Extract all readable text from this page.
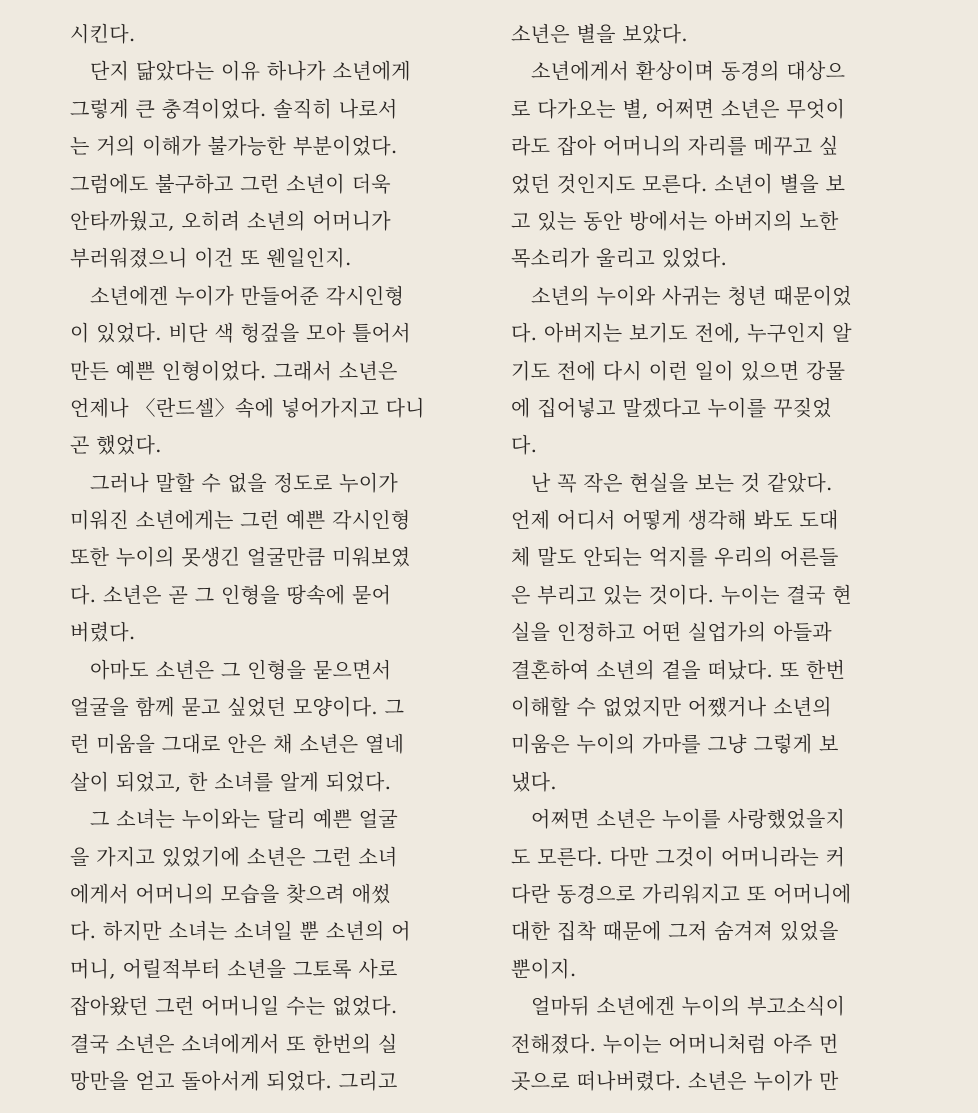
시킨다.
단지 닮았다는 이유 하나가 소년에게
그렇게 큰 충격이었다. 솔직히 나로서
는 거의 이해가 불가능한 부분이었다.
그럼에도 불구하고 그런 소년이 더욱
안타까웠고, 오히려 소년의 어머니가
부러워졌으니 이건 또 웬일인지.
소년에겐 누이가 만들어준 각시인형
이 있었다. 비단 색 헝겊을 모아 틀어서
만든 예쁜 인형이었다. 그래서 소년은
언제나 〈란드셀〉속에 넣어가지고 다니
곤 했었다.
그러나 말할 수 없을 정도로 누이가
미워진 소년에게는 그런 예쁜 각시인형
또한 누이의 못생긴 얼굴만큼 미워보였
다. 소년은 곧 그 인형을 땅속에 묻어
버렸다.
아마도 소년은 그 인형을 묻으면서
얼굴을 함께 묻고 싶었던 모양이다. 그
런 미움을 그대로 안은 채 소년은 열네
살이 되었고, 한 소녀를 알게 되었다.
그 소녀는 누이와는 달리 예쁜 얼굴
을 가지고 있었기에 소년은 그런 소녀
에게서 어머니의 모습을 찾으려 애썼
다. 하지만 소녀는 소녀일 뿐 소년의 어
머니, 어릴적부터 소년을 그토록 사로
잡아왔던 그런 어머니일 수는 없었다.
결국 소년은 소녀에게서 또 한번의 실
망만을 얻고 돌아서게 되었다. 그리고
소년은 별을 보았다.
소년에게서 환상이며 동경의 대상으
로 다가오는 별, 어쩌면 소년은 무엇이
라도 잡아 어머니의 자리를 메꾸고 싶
었던 것인지도 모른다. 소년이 별을 보
고 있는 동안 방에서는 아버지의 노한
목소리가 울리고 있었다.
소년의 누이와 사귀는 청년 때문이었
다. 아버지는 보기도 전에, 누구인지 알
기도 전에 다시 이런 일이 있으면 강물
에 집어넣고 말겠다고 누이를 꾸짖었
다.
난 꼭 작은 현실을 보는 것 같았다.
언제 어디서 어떻게 생각해 봐도 도대
체 말도 안되는 억지를 우리의 어른들
은 부리고 있는 것이다. 누이는 결국 현
실을 인정하고 어떤 실업가의 아들과
결혼하여 소년의 곁을 떠났다. 또 한번
이해할 수 없었지만 어쨌거나 소년의
미움은 누이의 가마를 그냥 그렇게 보
냈다.
어쩌면 소년은 누이를 사랑했었을지
도 모른다. 다만 그것이 어머니라는 커
다란 동경으로 가리워지고 또 어머니에
대한 집착 때문에 그저 숨겨져 있었을
뿐이지.
얼마뒤 소년에겐 누이의 부고소식이
전해졌다. 누이는 어머니처럼 아주 먼
곳으로 떠나버렸다. 소년은 누이가 만
